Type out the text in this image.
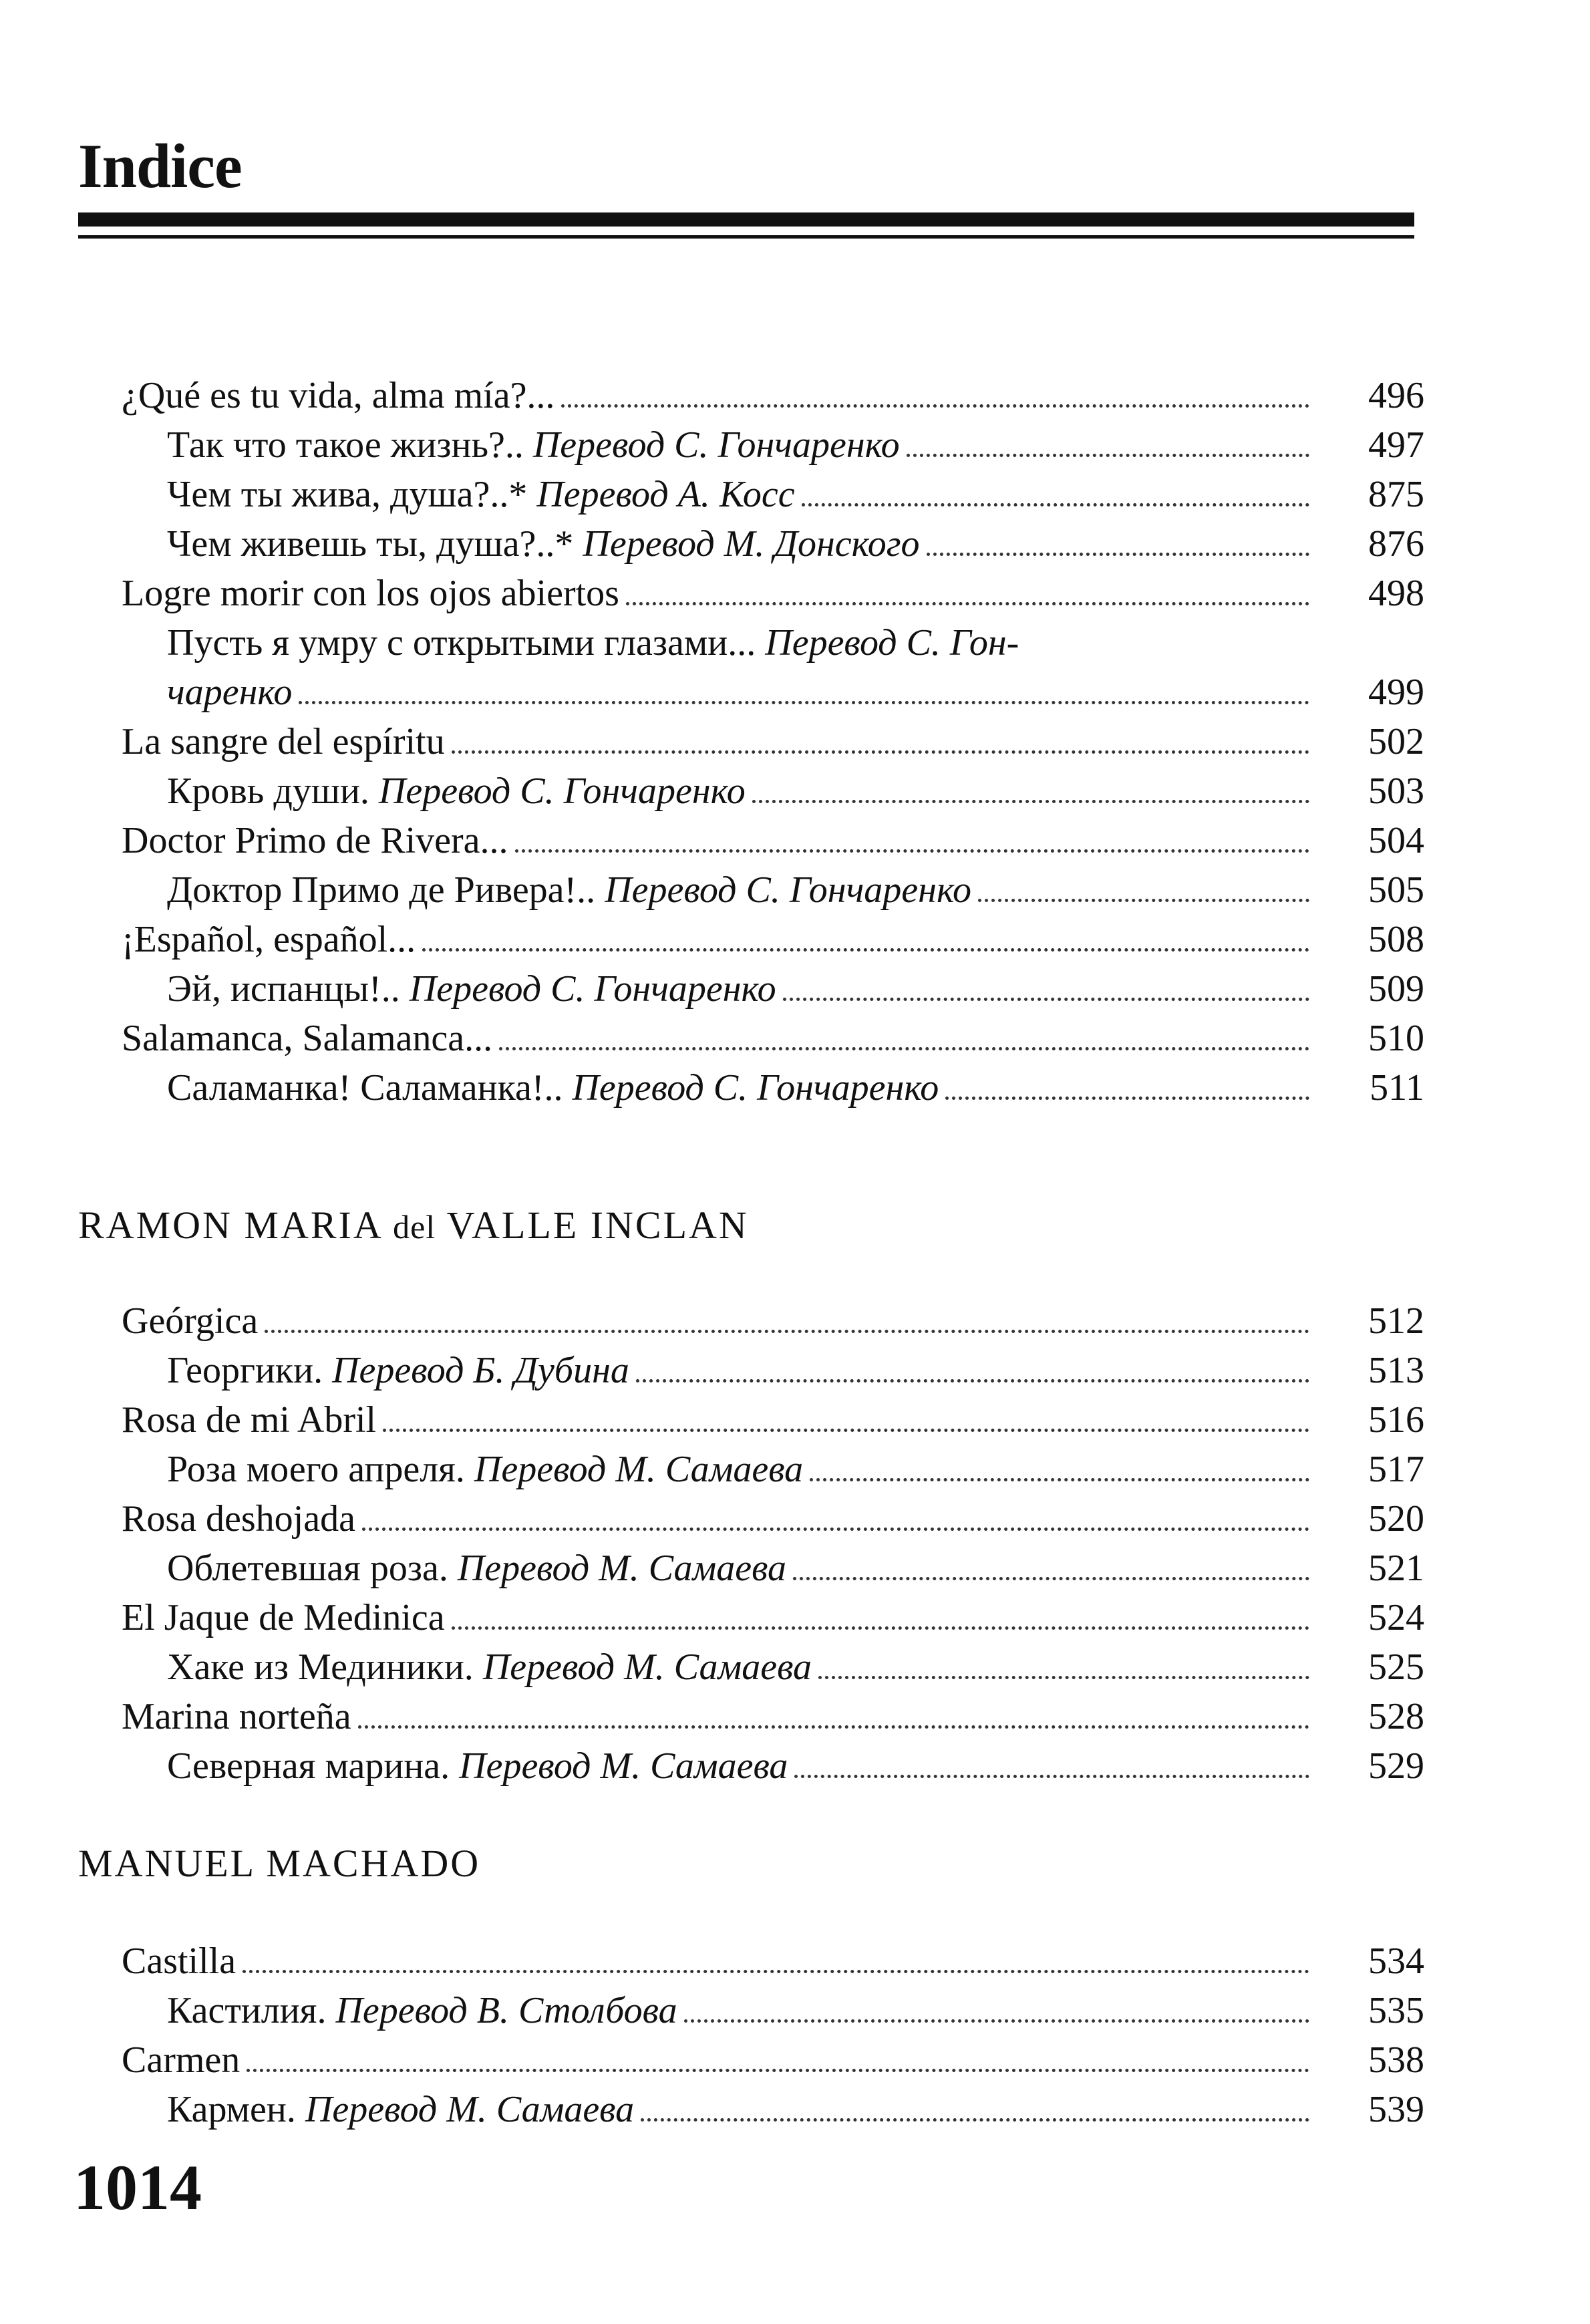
Indice
¿Qué es tu vida, alma mía?...	496
Так что такое жизнь?.. Перевод С. Гончаренко	497
Чем ты жива, душа?..* Перевод А. Косс	875
Чем живешь ты, душа?..* Перевод М. Донского	876
Logre morir con los ojos abiertos	498
Пусть я умру с открытыми глазами... Перевод С. Гон-
чаренко	499
La sangre del espíritu	502
Кровь души. Перевод С. Гончаренко	503
Doctor Primo de Rivera...	504
Доктор Примо де Ривера!.. Перевод С. Гончаренко	505
¡Español, español...	508
Эй, испанцы!.. Перевод С. Гончаренко	509
Salamanca, Salamanca...	510
Саламанка! Саламанка!.. Перевод С. Гончаренко	511
RAMON MARIA del VALLE INCLAN
Geórgica	512
Георгики. Перевод Б. Дубина	513
Rosa de mi Abril	516
Роза моего апреля. Перевод М. Самаева	517
Rosa deshojada	520
Облетевшая роза. Перевод М. Самаева	521
El Jaque de Medinica	524
Хаке из Мединики. Перевод М. Самаева	525
Marina norteña	528
Северная марина. Перевод М. Самаева	529
MANUEL MACHADO
Castilla	534
Кастилия. Перевод В. Столбова	535
Carmen	538
Кармен. Перевод М. Самаева	539
1014
